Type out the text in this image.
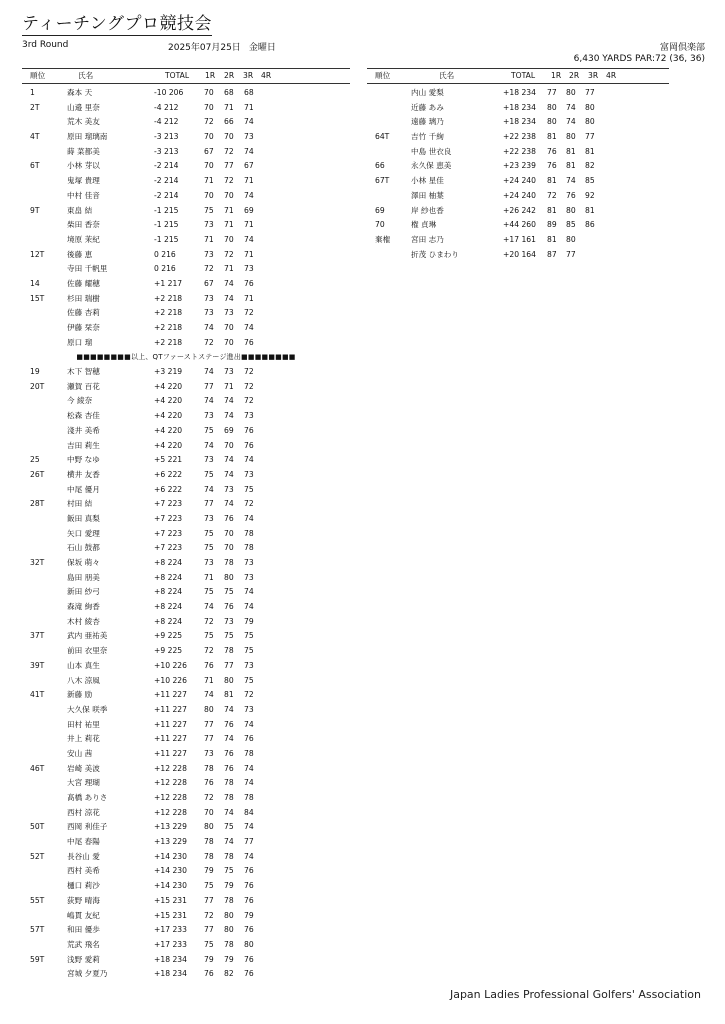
ティーチングプロ競技会
3rd Round	2025年07月25日 金曜日	富岡倶楽部
6,430 YARDS PAR:72 (36, 36)
順位	氏名	TOTAL	1R 2R 3R 4R
1	森本 天	-10 206	70 68 68
2T	山邉 里奈	-4 212	70 71 71
荒木 美友	-4 212	72 66 74
4T	原田 瑠璃南	-3 213	70 70 73
蒔 菜都美	-3 213	67 72 74
6T	小林 芽以	-2 214	70 77 67
鬼塚 貴理	-2 214	71 72 71
中村 佳音	-2 214	70 70 74
9T	東畠 結	-1 215	75 71 69
柴田 香奈	-1 215	73 71 71
境原 茉紀	-1 215	71 70 74
12T	後藤 恵	0 216	73 72 71
寺田 千帆里	0 216	72 71 73
14	佐藤 耀穂	+1 217	67 74 76
15T	杉田 瑞樹	+2 218	73 74 71
佐藤 杏莉	+2 218	73 73 72
伊藤 栞奈	+2 218	74 70 74
原口 瑠	+2 218	72 70 76
■■■■■■■■以上、QTファーストステージ進出■■■■■■■■
19	木下 智穂	+3 219	74 73 72
20T	瀬賀 百花	+4 220	77 71 72
今 綾奈	+4 220	74 74 72
松森 杏佳	+4 220	73 74 73
淺井 美希	+4 220	75 69 76
吉田 莉生	+4 220	74 70 76
25	中野 なゆ	+5 221	73 74 74
26T	横井 友香	+6 222	75 74 73
中尾 優月	+6 222	74 73 75
28T	村田 結	+7 223	77 74 72
飯田 真梨	+7 223	73 76 74
矢口 愛理	+7 223	75 70 78
石山 鼓都	+7 223	75 70 78
32T	保坂 萌々	+8 224	73 78 73
島田 朋美	+8 224	71 80 73
新田 紗弓	+8 224	75 75 74
森滝 絢香	+8 224	74 76 74
木村 綾杏	+8 224	72 73 79
37T	武内 亜祐美	+9 225	75 75 75
前田 衣里奈	+9 225	72 78 75
39T	山本 真生	+10 226	76 77 73
八木 涼風	+10 226	71 80 75
41T	新藤 励	+11 227	74 81 72
大久保 咲季	+11 227	80 74 73
田村 祐里	+11 227	77 76 74
井上 莉花	+11 227	77 74 76
安山 茜	+11 227	73 76 78
46T	岩崎 美波	+12 228	78 76 74
大宮 理瑚	+12 228	76 78 74
髙橋 ありさ	+12 228	72 78 78
西村 涼花	+12 228	70 74 84
50T	西岡 利佳子	+13 229	80 75 74
中尾 春陽	+13 229	78 74 77
52T	長谷山 愛	+14 230	78 78 74
西村 美希	+14 230	79 75 76
樋口 莉沙	+14 230	75 79 76
55T	荻野 晴海	+15 231	77 78 76
嶋貫 友紀	+15 231	72 80 79
57T	和田 優歩	+17 233	77 80 76
荒武 飛名	+17 233	75 78 80
59T	浅野 愛莉	+18 234	79 79 76
宮城 夕夏乃	+18 234	76 82 76
順位	氏名	TOTAL	1R 2R 3R 4R
内山 愛梨	+18 234	77 80 77
近藤 あみ	+18 234	80 74 80
遠藤 璃乃	+18 234	80 74 80
64T	吉竹 千絢	+22 238	81 80 77
中島 世衣良	+22 238	76 81 81
66	永久保 恵美	+23 239	76 81 82
67T	小林 星佳	+24 240	81 74 85
澤田 柚葉	+24 240	72 76 92
69	岸 紗也香	+26 242	81 80 81
70	権 貞琳	+44 260	89 85 86
棄権	宮田 志乃	+17 161	81 80
折茂 ひまわり	+20 164	87 77
Japan Ladies Professional Golfers' Association
